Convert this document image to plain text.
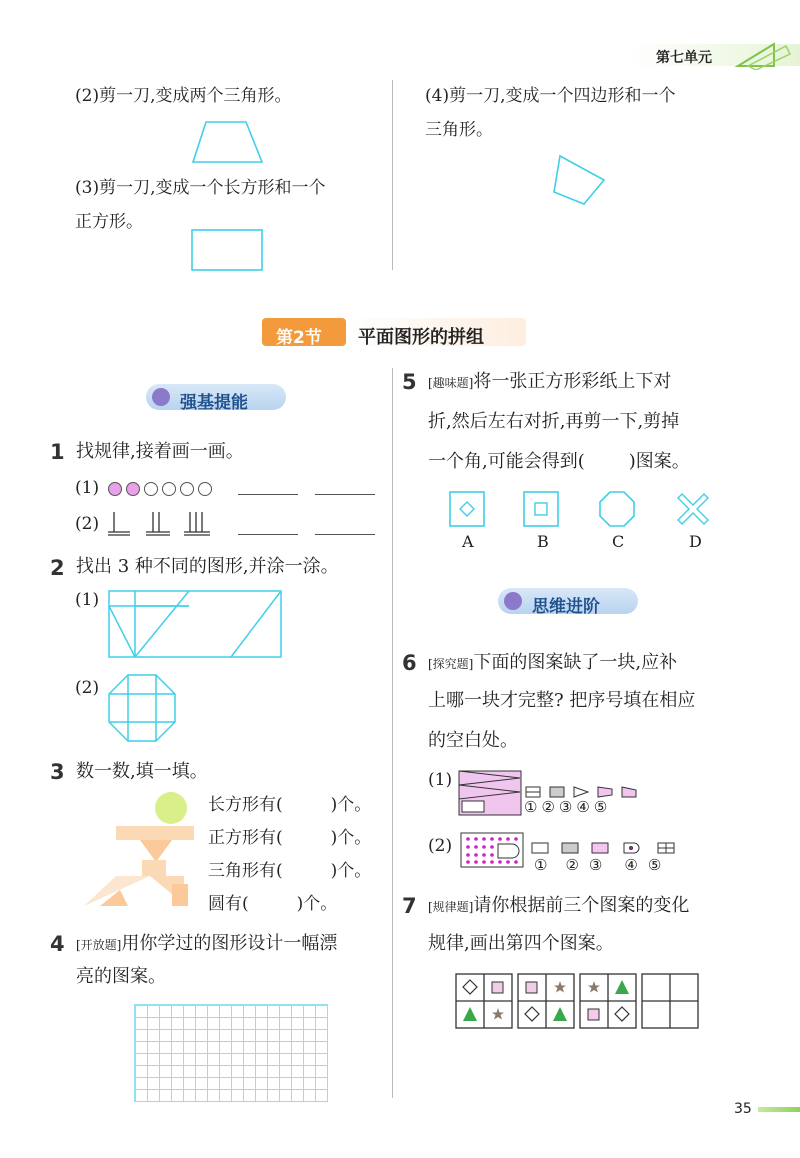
第七单元
(2)剪一刀,变成两个三角形。
(3)剪一刀,变成一个长方形和一个
正方形。
(4)剪一刀,变成一个四边形和一个
三角形。
第2节 平面图形的拼组
强基提能
1 找规律,接着画一画。
(1)
(2)
2 找出 3 种不同的图形,并涂一涂。
(1)
(2)
3 数一数,填一填。
长方形有(	)个。
正方形有(	)个。
三角形有(	)个。
圆有(	)个。
4 [开放题]用你学过的图形设计一幅漂
亮的图案。
5 [趣味题]将一张正方形彩纸上下对
折,然后左右对折,再剪一下,剪掉
一个角,可能会得到( )图案。
A	B	C	D
思维进阶
6 [探究题]下面的图案缺了一块,应补
上哪一块才完整? 把序号填在相应
的空白处。
(1)
①②③④⑤
(2)
① ② ③ ④ ⑤
7 [规律题]请你根据前三个图案的变化
规律,画出第四个图案。
35
